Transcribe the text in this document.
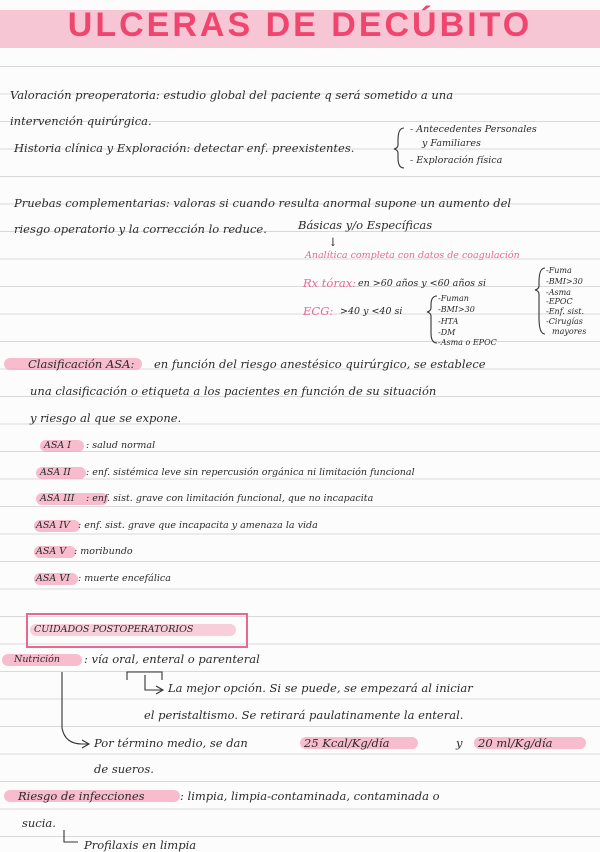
ULCERAS DE DECÚBITO
Valoración preoperatoria: estudio global del paciente q será sometido a una
intervención quirúrgica.
Historia clínica y Exploración: detectar enf. preexistentes.
- Antecedentes Personales
y Familiares
- Exploración física
Pruebas complementarias: valoras si cuando resulta anormal supone un aumento del
riesgo operatorio y la corrección lo reduce.	Básicas y/o Específicas
↓
Analítica completa con datos de coagulación
Rx tórax: en >60 años y <60 años si
-Fuma
-BMI>30
-Asma
-EPOC
-Enf. sist.
-Cirugías
mayores
ECG: >40 y <40 si
-Fuman
-BMI>30
-HTA
-DM
-Asma o EPOC
Clasificación ASA: en función del riesgo anestésico quirúrgico, se establece
una clasificación o etiqueta a los pacientes en función de su situación
y riesgo al que se expone.
ASA I : salud normal
ASA II : enf. sistémica leve sin repercusión orgánica ni limitación funcional
ASA III : enf. sist. grave con limitación funcional, que no incapacita
ASA IV : enf. sist. grave que incapacita y amenaza la vida
ASA V : moribundo
ASA VI : muerte encefálica
CUIDADOS POSTOPERATORIOS
Nutrición : vía oral, enteral o parenteral
La mejor opción. Si se puede, se empezará al iniciar
el peristaltismo. Se retirará paulatinamente la enteral.
Por término medio, se dan	25 Kcal/Kg/día	y 20 ml/Kg/día
de sueros.
Riesgo de infecciones	: limpia, limpia-contaminada, contaminada o
sucia.
Profilaxis en limpia
